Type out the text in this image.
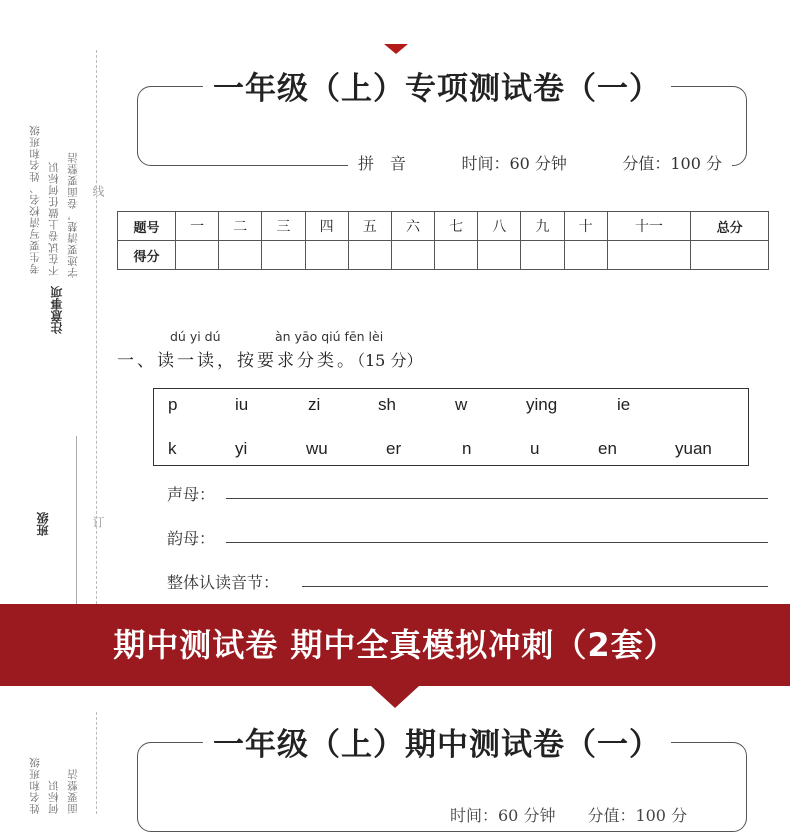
考生要写清校名、姓名和班级 不在试卷上做任何标识 字迹要清楚，卷面要整洁
注意事项
线
订
班级
一年级（上）专项测试卷（一）
拼　音	时间：60 分钟	分值：100 分
题号	一	二	三	四	五	六	七	八	九	十	十一	总分
得分												
dú yi dú	àn yāo qiú fēn lèi
一、读一读，按要求分类。（15 分）
p	iu	zi	sh	w	ying	ie
k	yi	wu	er	n	u	en	yuan
声母：
韵母：
整体认读音节：
期中测试卷 期中全真模拟冲刺（2套）
姓名和班级 何标识 面要整洁
一年级（上）期中测试卷（一）
时间：60 分钟　　分值：100 分
